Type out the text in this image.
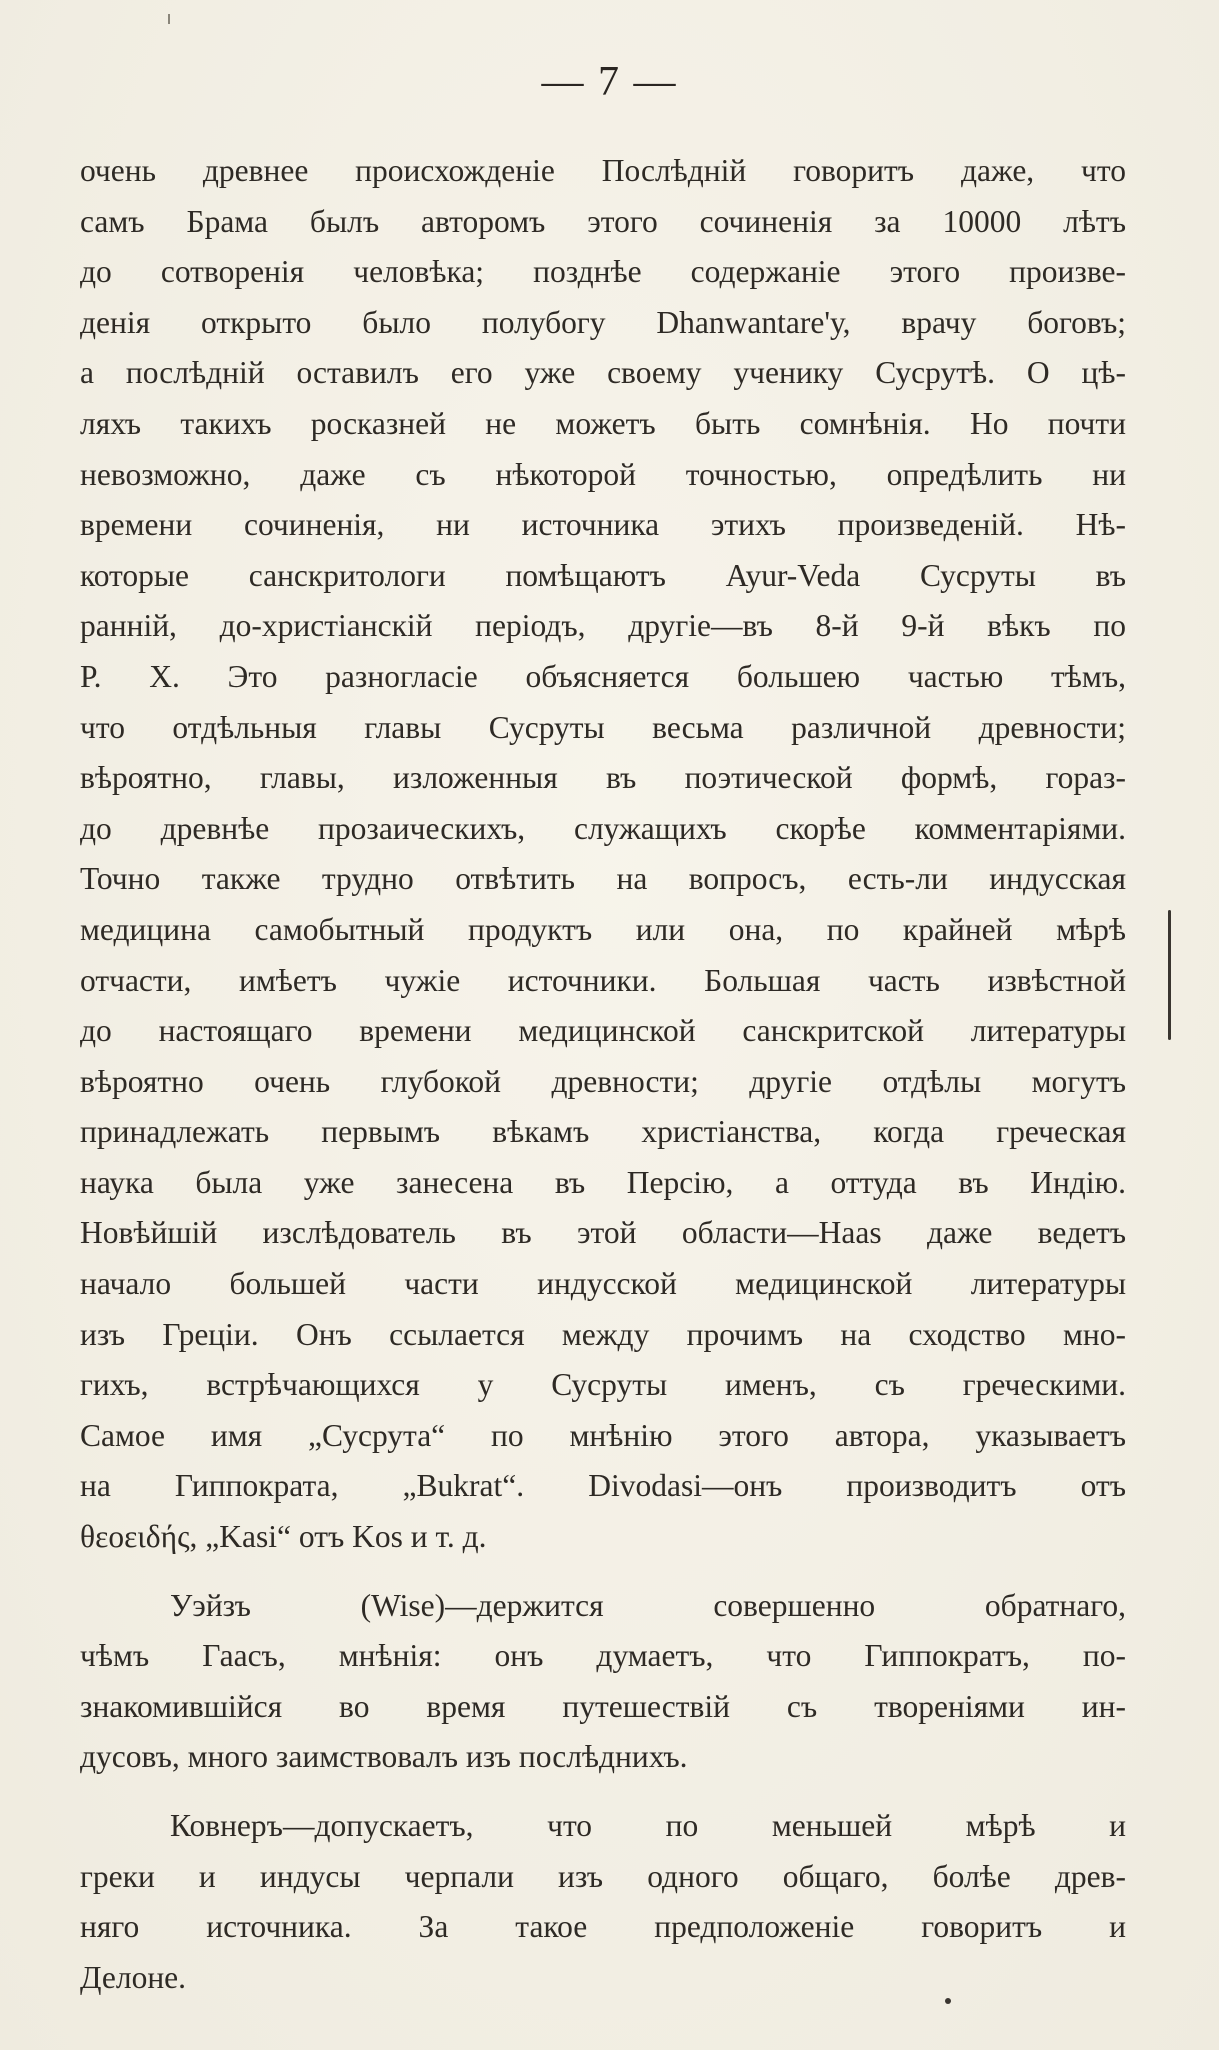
— 7 —
очень древнее происхожденіе Послѣдній говоритъ даже, что
самъ Брама былъ авторомъ этого сочиненія за 10000 лѣтъ
до сотворенія человѣка; позднѣе содержаніе этого произве-
денія открыто было полубогу Dhanwantare'у, врачу боговъ;
а послѣдній оставилъ его уже своему ученику Сусрутѣ. О цѣ-
ляхъ такихъ росказней не можетъ быть сомнѣнія. Но почти
невозможно, даже съ нѣкоторой точностью, опредѣлить ни
времени сочиненія, ни источника этихъ произведеній. Нѣ-
которые санскритологи помѣщаютъ Ayur-Veda Сусруты въ
ранній, до-христіанскій періодъ, другіе—въ 8-й 9-й вѣкъ по
Р. Х. Это разногласіе объясняется большею частью тѣмъ,
что отдѣльныя главы Сусруты весьма различной древности;
вѣроятно, главы, изложенныя въ поэтической формѣ, гораз-
до древнѣе прозаическихъ, служащихъ скорѣе комментаріями.
Точно также трудно отвѣтить на вопросъ, есть-ли индусская
медицина самобытный продуктъ или она, по крайней мѣрѣ
отчасти, имѣетъ чужіе источники. Большая часть извѣстной
до настоящаго времени медицинской санскритской литературы
вѣроятно очень глубокой древности; другіе отдѣлы могутъ
принадлежать первымъ вѣкамъ христіанства, когда греческая
наука была уже занесена въ Персію, а оттуда въ Индію.
Новѣйшій изслѣдователь въ этой области—Haas даже ведетъ
начало большей части индусской медицинской литературы
изъ Греціи. Онъ ссылается между прочимъ на сходство мно-
гихъ, встрѣчающихся у Сусруты именъ, съ греческими.
Самое имя „Сусрута“ по мнѣнію этого автора, указываетъ
на Гиппократа, „Bukrat“. Divodasi—онъ производитъ отъ
θεοειδής, „Kasi“ отъ Kos и т. д.
Уэйзъ (Wise)—держится совершенно обратнаго,
чѣмъ Гаасъ, мнѣнія: онъ думаетъ, что Гиппократъ, по-
знакомившійся во время путешествій съ твореніями ин-
дусовъ, много заимствовалъ изъ послѣднихъ.
Ковнеръ—допускаетъ, что по меньшей мѣрѣ и
греки и индусы черпали изъ одного общаго, болѣе древ-
няго источника. За такое предположеніе говоритъ и
Делоне.
